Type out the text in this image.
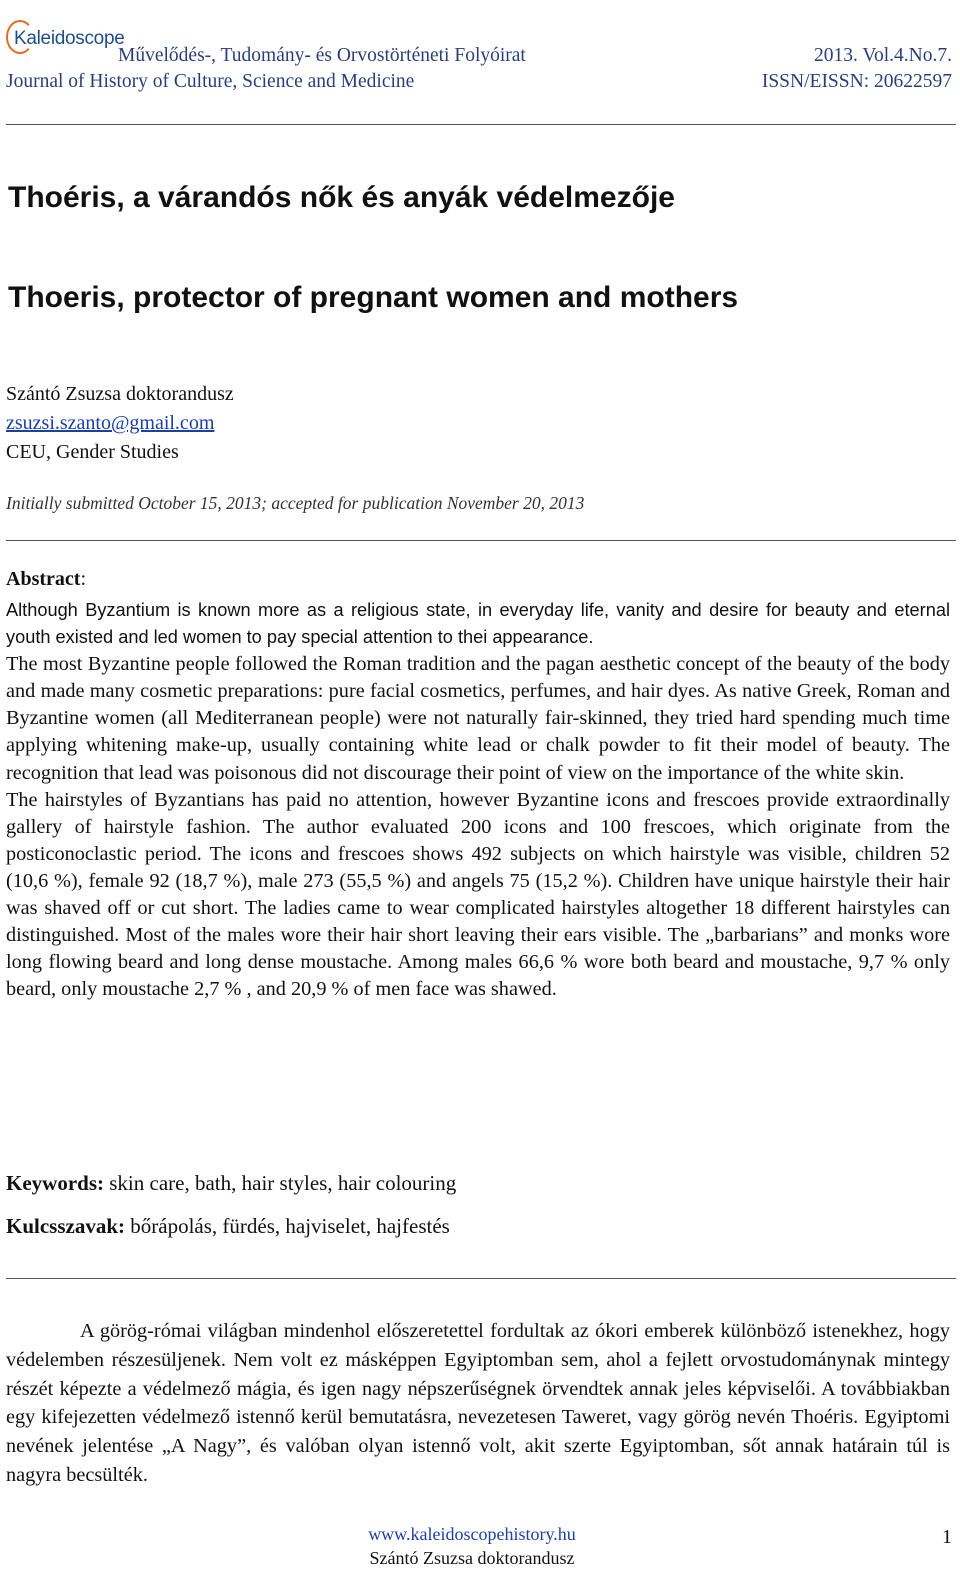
Kaleidoscope
Művelődés-, Tudomány- és Orvostörténeti Folyóirat
Journal of History of Culture, Science and Medicine
2013. Vol.4.No.7.
ISSN/EISSN: 20622597
Thoéris, a várandós nők és anyák védelmezője
Thoeris, protector of pregnant women and mothers
Szántó Zsuzsa doktorandusz
zsuzsi.szanto@gmail.com
CEU, Gender Studies
Initially submitted October 15, 2013; accepted for publication November 20, 2013
Abstract:

Although Byzantium is known more as a religious state, in everyday life, vanity and desire for beauty and eternal youth existed and led women to pay special attention to thei appearance.

The most Byzantine people followed the Roman tradition and the pagan aesthetic concept of the beauty of the body and made many cosmetic preparations: pure facial cosmetics, perfumes, and hair dyes. As native Greek, Roman and Byzantine women (all Mediterranean people) were not naturally fair-skinned, they tried hard spending much time applying whitening make-up, usually containing white lead or chalk powder to fit their model of beauty. The recognition that lead was poisonous did not discourage their point of view on the importance of the white skin.

The hairstyles of Byzantians has paid no attention, however Byzantine icons and frescoes provide extraordinally gallery of hairstyle fashion. The author evaluated 200 icons and 100 frescoes, which originate from the posticonoclastic period. The icons and frescoes shows 492 subjects on which hairstyle was visible, children 52 (10,6 %), female 92 (18,7 %), male 273 (55,5 %) and angels 75 (15,2 %). Children have unique hairstyle their hair was shaved off or cut short. The ladies came to wear complicated hairstyles altogether 18 different hairstyles can distinguished. Most of the males wore their hair short leaving their ears visible. The „barbarians” and monks wore long flowing beard and long dense moustache. Among males 66,6 % wore both beard and moustache, 9,7 % only beard, only moustache 2,7 % , and 20,9 % of men face was shawed.

Keywords: skin care, bath, hair styles, hair colouring
Kulcsszavak: bőrápolás, fürdés, hajviselet, hajfestés

A görög-római világban mindenhol előszeretettel fordultak az ókori emberek különböző istenekhez, hogy védelemben részesüljenek. Nem volt ez másképpen Egyiptomban sem, ahol a fejlett orvostudománynak mintegy részét képezte a védelmező mágia, és igen nagy népszerűségnek örvendtek annak jeles képviselői. A továbbiakban egy kifejezetten védelmező istennő kerül bemutatásra, nevezetesen Taweret, vagy görög nevén Thoéris. Egyiptomi nevének jelentése „A Nagy”, és valóban olyan istennő volt, akit szerte Egyiptomban, sőt annak határain túl is nagyra becsülték.

www.kaleidoscopehistory.hu
Szántó Zsuzsa doktorandusz
1
